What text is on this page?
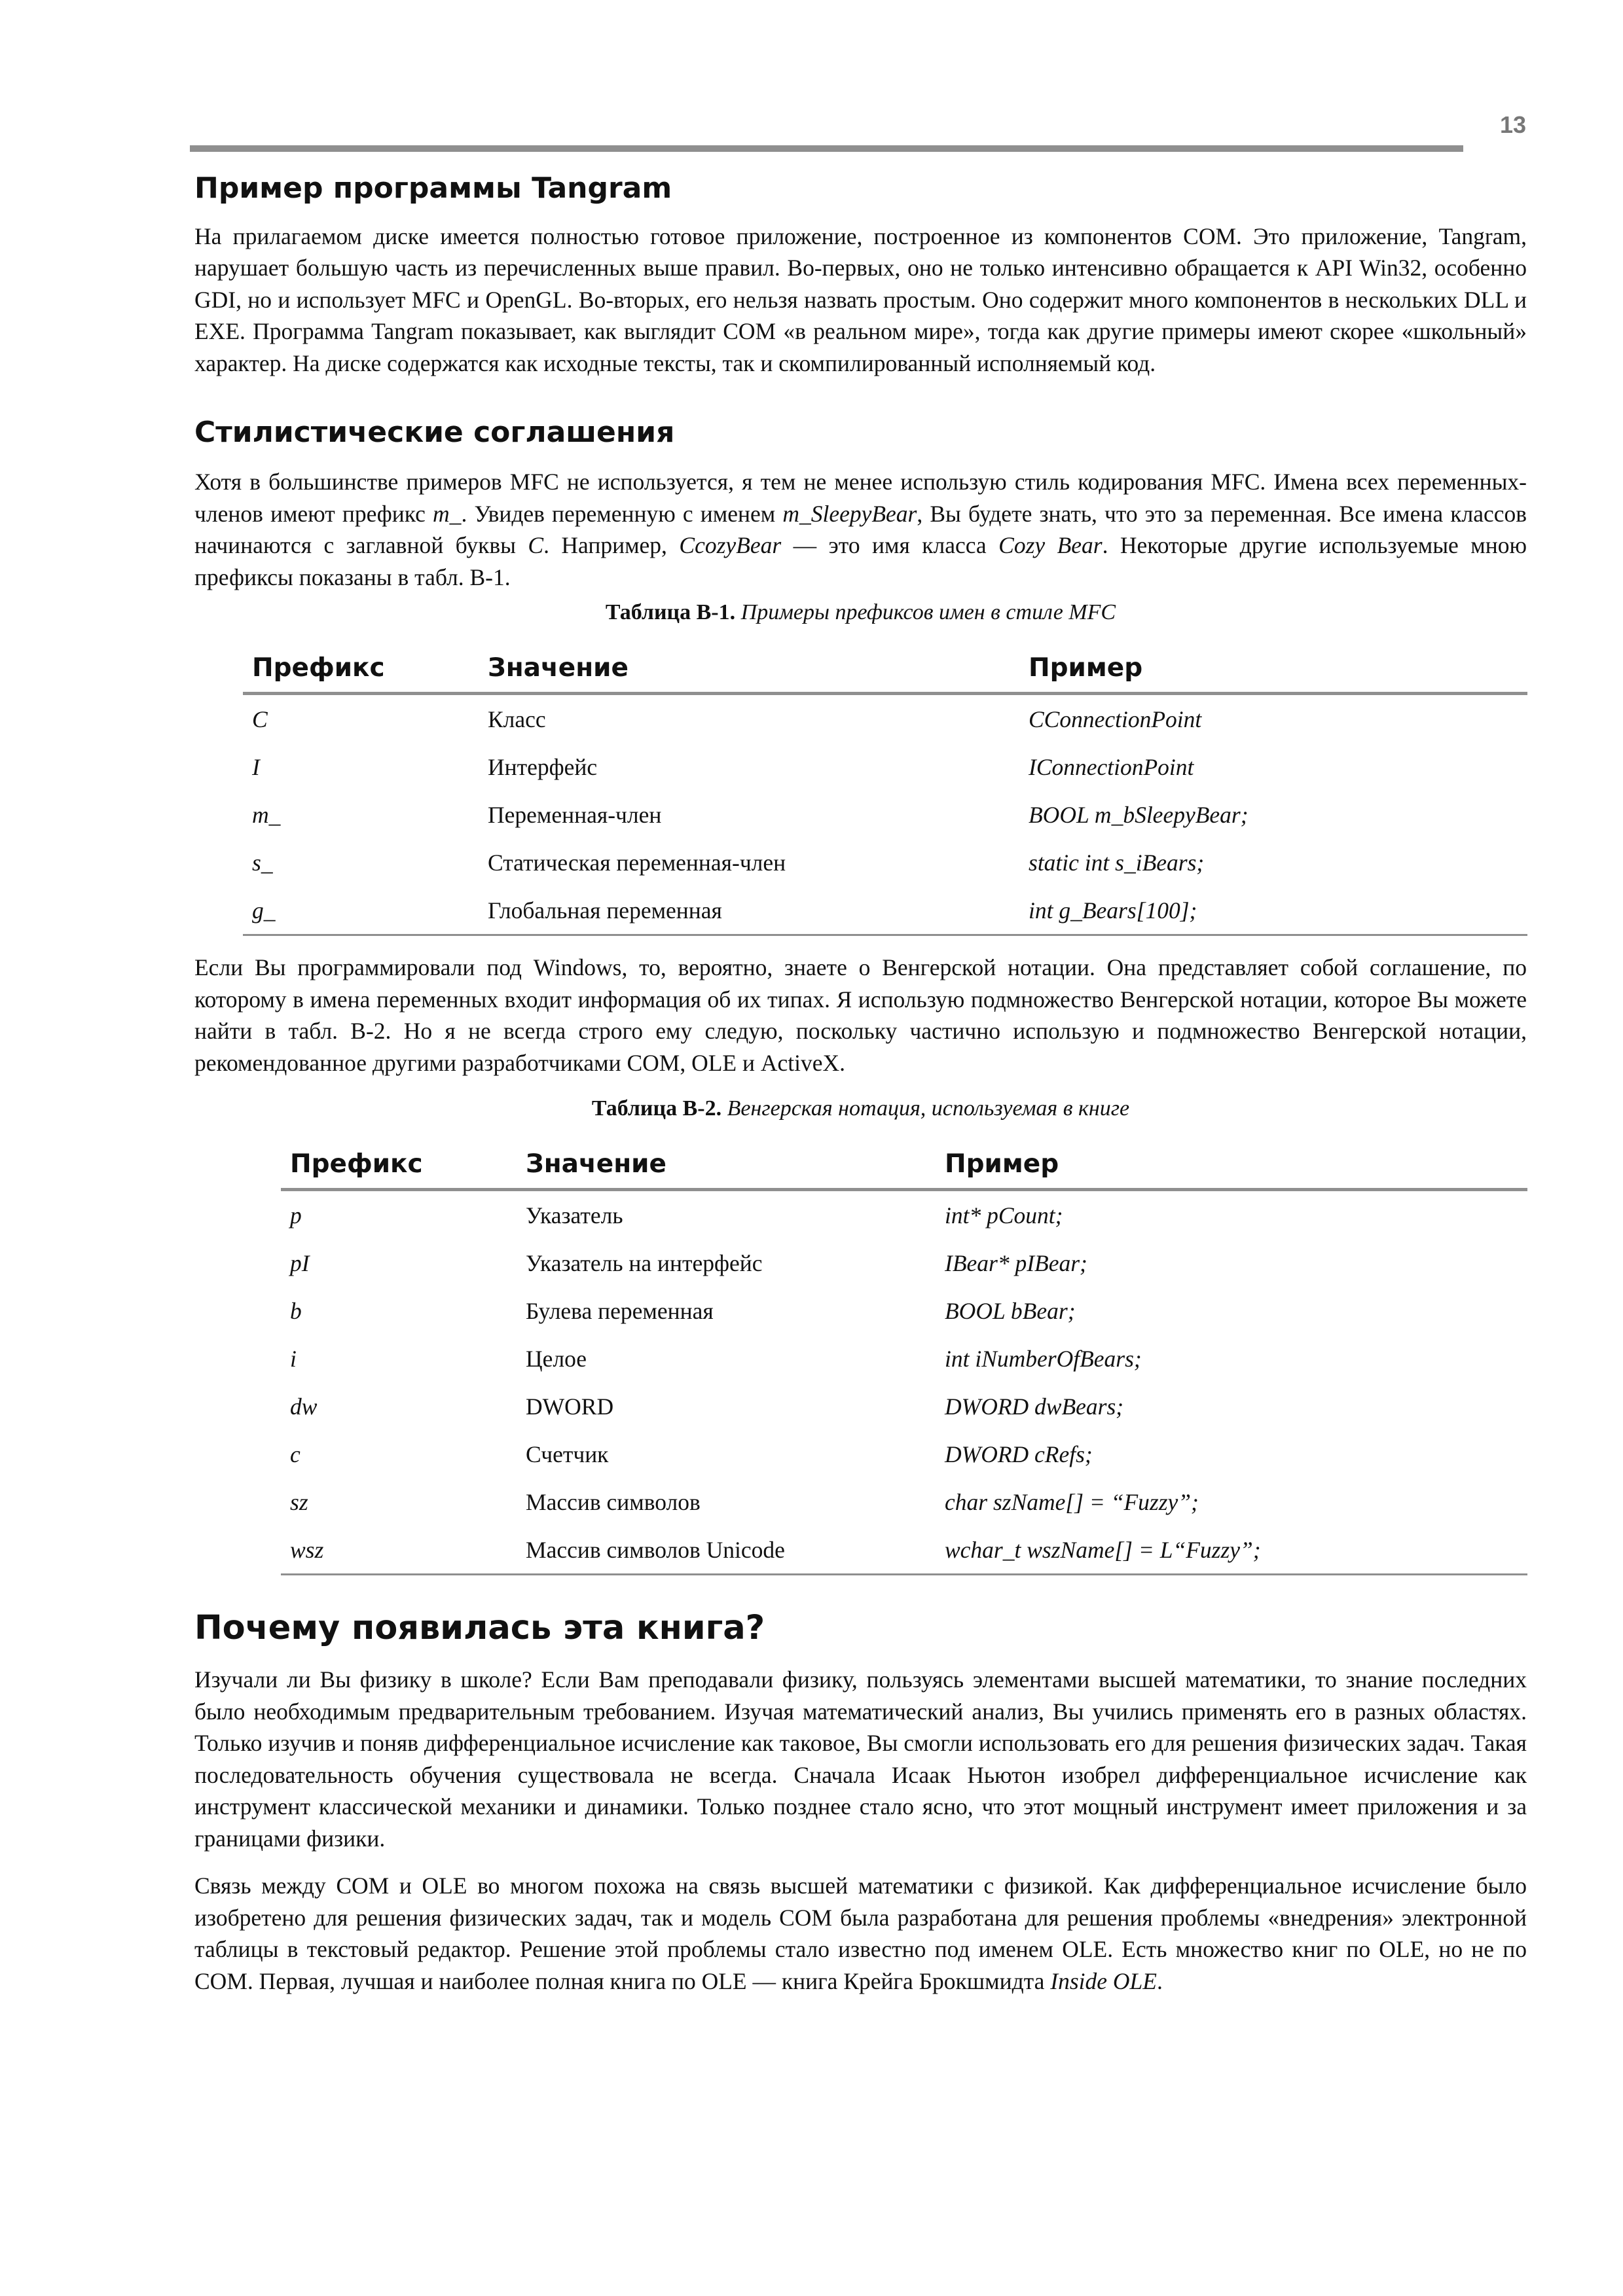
13
Пример программы Tangram

На прилагаемом диске имеется полностью готовое приложение, построенное из компонентов COM. Это приложение, Tangram, нарушает большую часть из перечисленных выше правил. Во-первых, оно не только интенсивно обращается к API Win32, особенно GDI, но и использует MFC и OpenGL. Во-вторых, его нельзя назвать простым. Оно содержит много компонентов в нескольких DLL и EXE. Программа Tangram показывает, как выглядит COM «в реальном мире», тогда как другие примеры имеют скорее «школьный» характер. На диске содержатся как исходные тексты, так и скомпилированный исполняемый код.

Стилистические соглашения

Хотя в большинстве примеров MFC не используется, я тем не менее использую стиль кодирования MFC. Имена всех переменных-членов имеют префикс m_. Увидев переменную с именем m_SleepyBear, Вы будете знать, что это за переменная. Все имена классов начинаются с заглавной буквы C. Например, CcozyBear — это имя класса Cozy Bear. Некоторые другие используемые мною префиксы показаны в табл. В-1.

Таблица В-1. Примеры префиксов имен в стиле MFC
Префикс	Значение	Пример
C	Класс	CConnectionPoint
I	Интерфейс	IConnectionPoint
m_	Переменная-член	BOOL m_bSleepyBear;
s_	Статическая переменная-член	static int s_iBears;
g_	Глобальная переменная	int g_Bears[100];

Если Вы программировали под Windows, то, вероятно, знаете о Венгерской нотации. Она представляет собой соглашение, по которому в имена переменных входит информация об их типах. Я использую подмножество Венгерской нотации, которое Вы можете найти в табл. В-2. Но я не всегда строго ему следую, поскольку частично использую и подмножество Венгерской нотации, рекомендованное другими разработчиками COM, OLE и ActiveX.

Таблица В-2. Венгерская нотация, используемая в книге
Префикс	Значение	Пример
p	Указатель	int* pCount;
pI	Указатель на интерфейс	IBear* pIBear;
b	Булева переменная	BOOL bBear;
i	Целое	int iNumberOfBears;
dw	DWORD	DWORD dwBears;
c	Счетчик	DWORD cRefs;
sz	Массив символов	char szName[] = “Fuzzy”;
wsz	Массив символов Unicode	wchar_t wszName[] = L“Fuzzy”;
Почему появилась эта книга?

Изучали ли Вы физику в школе? Если Вам преподавали физику, пользуясь элементами высшей математики, то знание последних было необходимым предварительным требованием. Изучая математический анализ, Вы учились применять его в разных областях. Только изучив и поняв дифференциальное исчисление как таковое, Вы смогли использовать его для решения физических задач. Такая последовательность обучения существовала не всегда. Сначала Исаак Ньютон изобрел дифференциальное исчисление как инструмент классической механики и динамики. Только позднее стало ясно, что этот мощный инструмент имеет приложения и за границами физики.

Связь между COM и OLE во многом похожа на связь высшей математики с физикой. Как дифференциальное исчисление было изобретено для решения физических задач, так и модель COM была разработана для решения проблемы «внедрения» электронной таблицы в текстовый редактор. Решение этой проблемы стало известно под именем OLE. Есть множество книг по OLE, но не по COM. Первая, лучшая и наиболее полная книга по OLE — книга Крейга Брокшмидта Inside OLE.
